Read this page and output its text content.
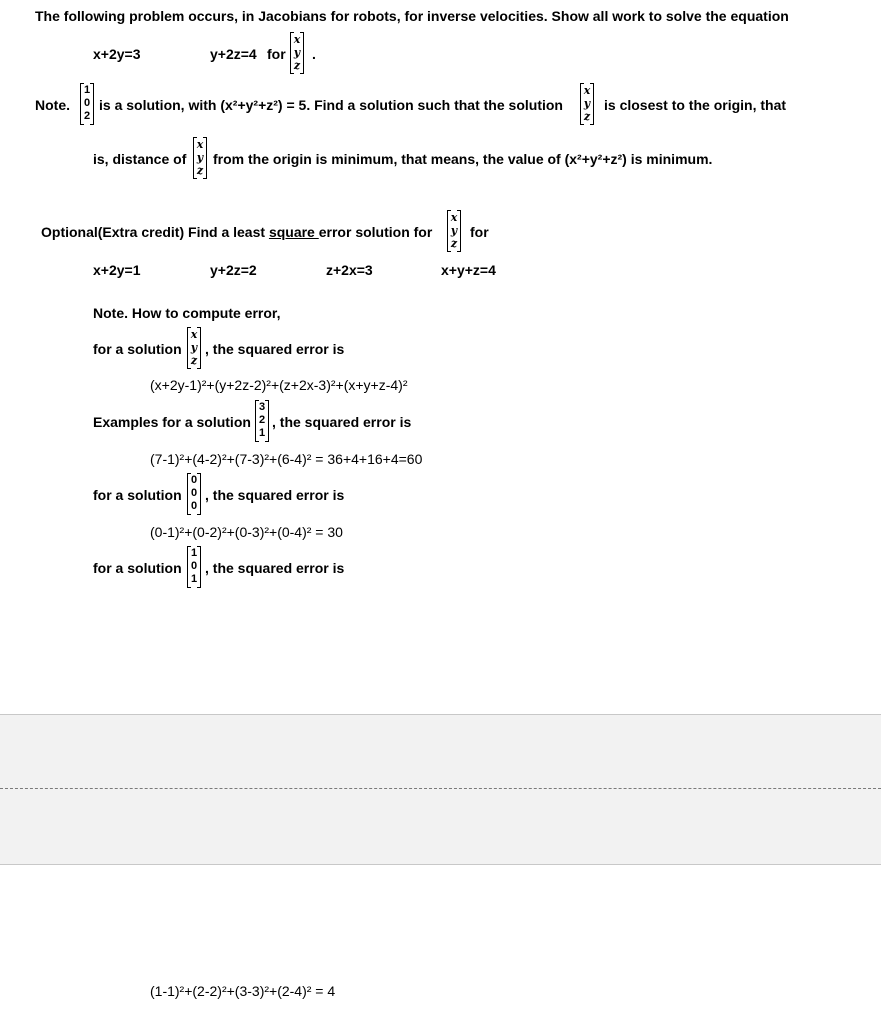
The following problem occurs, in Jacobians for robots, for inverse velocities. Show all work to solve the equation
x+2y=3	y+2z=4 for
x
y
z
.
Note.
1
0
2
is a solution, with (x²+y²+z²) = 5. Find a solution such that the solution
x
y
z
is closest to the origin, that
is, distance of
x
y
z
from the origin is minimum, that means, the value of (x²+y²+z²) is minimum.
Optional(Extra credit) Find a least square error solution for
x
y
z
for
x+2y=1	y+2z=2	z+2x=3	x+y+z=4
Note. How to compute error,
for a solution
x
y
z
, the squared error is
(x+2y-1)²+(y+2z-2)²+(z+2x-3)²+(x+y+z-4)²
Examples for a solution
3
2
1
, the squared error is
(7-1)²+(4-2)²+(7-3)²+(6-4)² = 36+4+16+4=60
for a solution
0
0
0
, the squared error is
(0-1)²+(0-2)²+(0-3)²+(0-4)² = 30
for a solution
1
0
1
, the squared error is
(1-1)²+(2-2)²+(3-3)²+(2-4)² = 4
